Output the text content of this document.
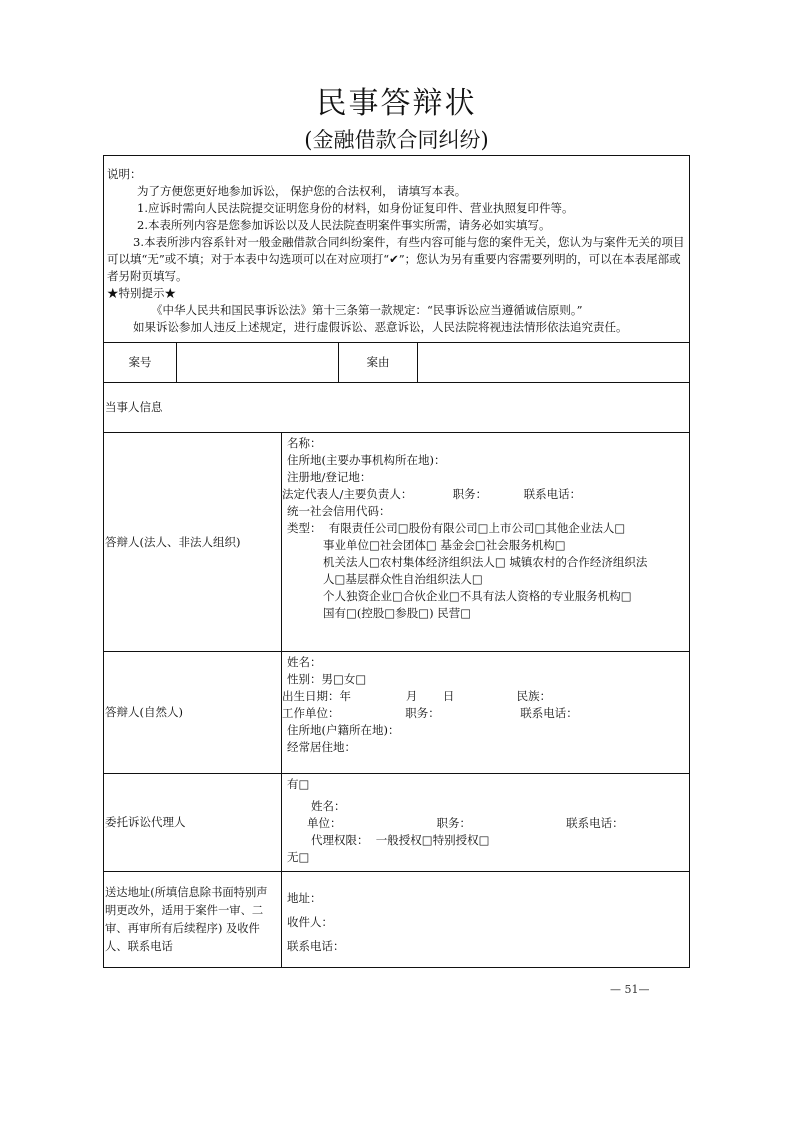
民事答辩状
(金融借款合同纠纷)

说明：

为了方便您更好地参加诉讼， 保护您的合法权利， 请填写本表。

1.应诉时需向人民法院提交证明您身份的材料，如身份证复印件、营业执照复印件等。

2.本表所列内容是您参加诉讼以及人民法院查明案件事实所需，请务必如实填写。

3.本表所涉内容系针对一般金融借款合同纠纷案件，有些内容可能与您的案件无关，您认为与案件无关的项目可以填“无”或不填；对于本表中勾选项可以在对应项打“✔”；您认为另有重要内容需要列明的，可以在本表尾部或者另附页填写。

★特别提示★

《中华人民共和国民事诉讼法》第十三条第一款规定：“民事诉讼应当遵循诚信原则。”

如果诉讼参加人违反上述规定，进行虚假诉讼、恶意诉讼，人民法院将视违法情形依法追究责任。

案号	案由
当事人信息
答辩人(法人、非法人组织)
名称：
住所地(主要办事机构所在地)：
注册地/登记地：
法定代表人/主要负责人：           职务：          联系电话：
统一社会信用代码：
类型：  有限责任公司□股份有限公司□上市公司□其他企业法人□
事业单位□社会团体□ 基金会□社会服务机构□
机关法人□农村集体经济组织法人□ 城镇农村的合作经济组织法
人□基层群众性自治组织法人□
个人独资企业□合伙企业□不具有法人资格的专业服务机构□
国有□(控股□参股□) 民营□
答辩人(自然人)
姓名：
性别：男□女□
出生日期：年               月       日                 民族：
工作单位：                  职务：                      联系电话：
住所地(户籍所在地)：
经常居住地：
委托诉讼代理人
有□
姓名：
单位：                          职务：                          联系电话：
代理权限：  一般授权□特别授权□
无□
送达地址(所填信息除书面特别声明更改外，适用于案件一审、二审、再审所有后续程序) 及收件人、联系电话
地址：
收件人：
联系电话：
— 51—
